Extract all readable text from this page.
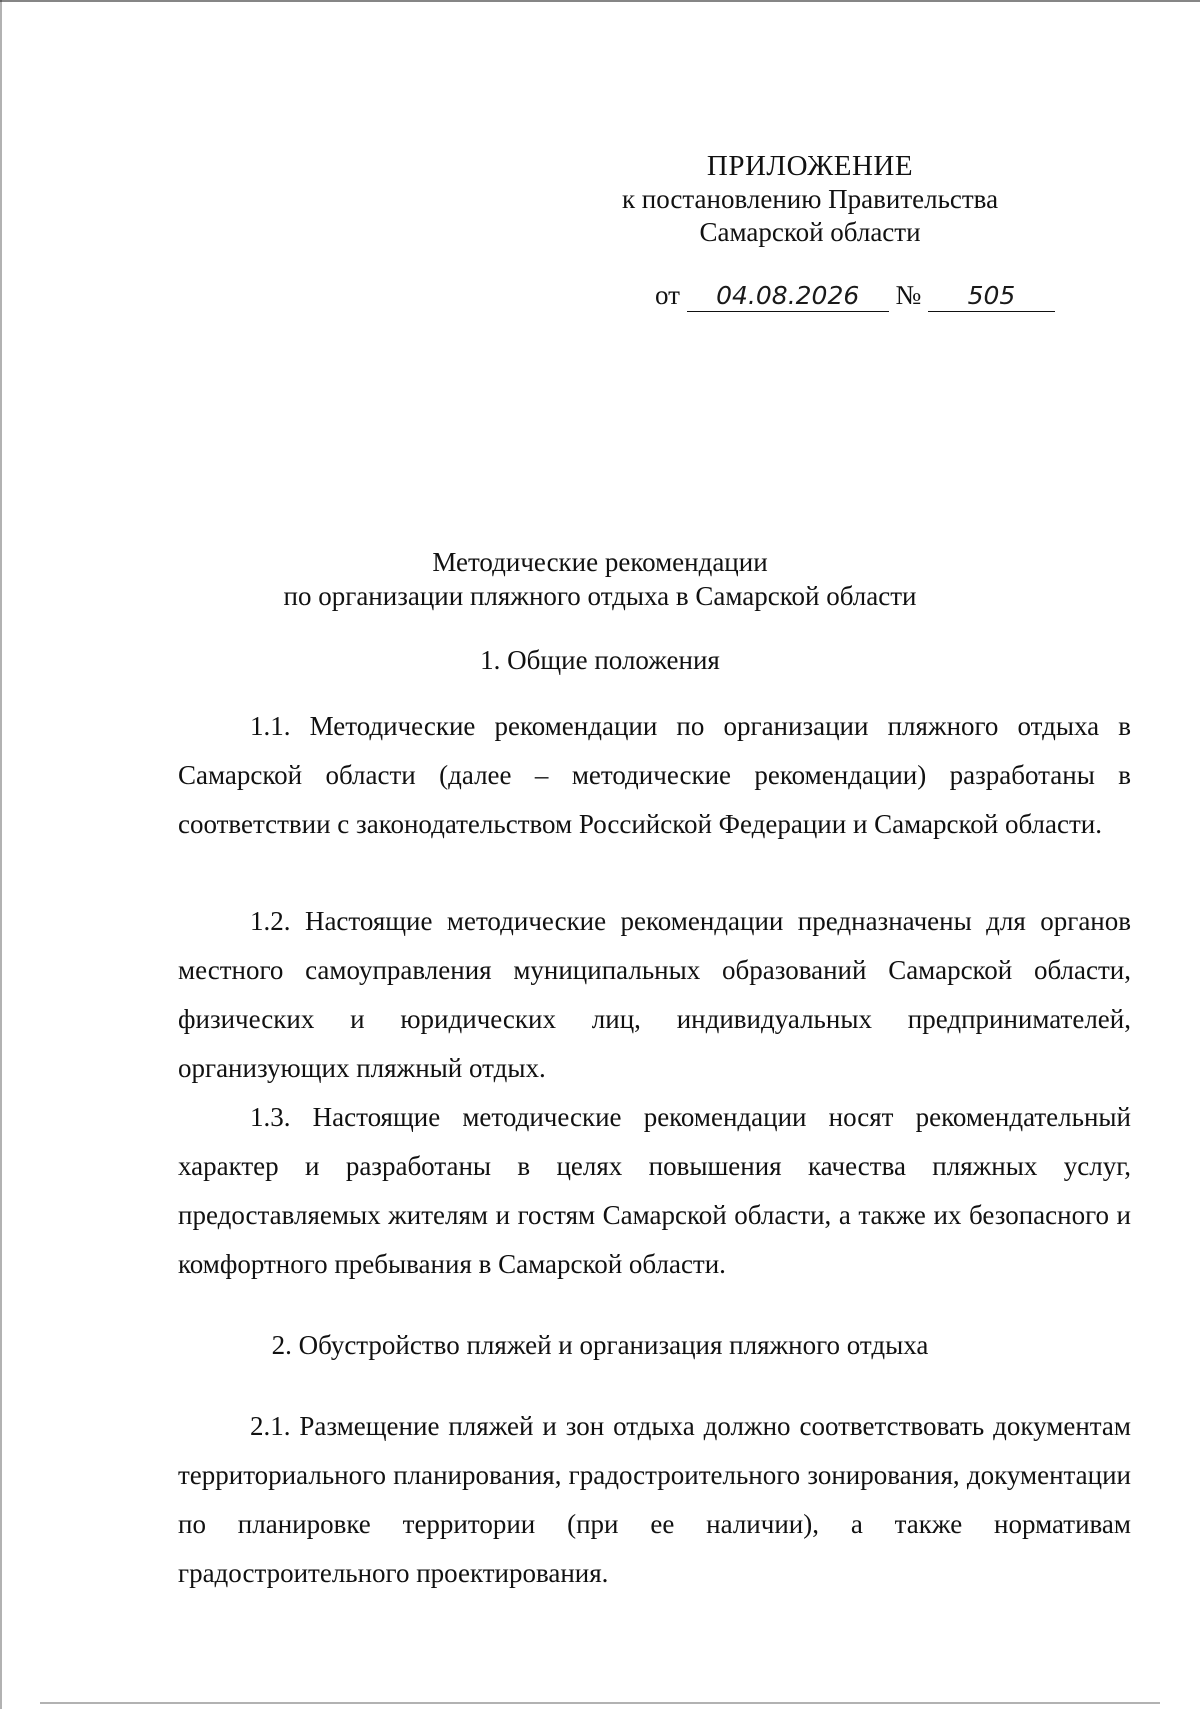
ПРИЛОЖЕНИЕ
к постановлению Правительства
Самарской области
от 04.08.2026 № 505
Методические рекомендации
по организации пляжного отдыха в Самарской области
1. Общие положения
1.1. Методические рекомендации по организации пляжного отдыха в Самарской области (далее – методические рекомендации) разработаны в соответствии с законодательством Российской Федерации и Самарской области.
1.2. Настоящие методические рекомендации предназначены для органов местного самоуправления муниципальных образований Самарской области, физических и юридических лиц, индивидуальных предпринимателей, организующих пляжный отдых.
1.3. Настоящие методические рекомендации носят рекомендательный характер и разработаны в целях повышения качества пляжных услуг, предоставляемых жителям и гостям Самарской области, а также их безопасного и комфортного пребывания в Самарской области.
2. Обустройство пляжей и организация пляжного отдыха
2.1. Размещение пляжей и зон отдыха должно соответствовать документам территориального планирования, градостроительного зонирования, документации по планировке территории (при ее наличии), а также нормативам градостроительного проектирования.
